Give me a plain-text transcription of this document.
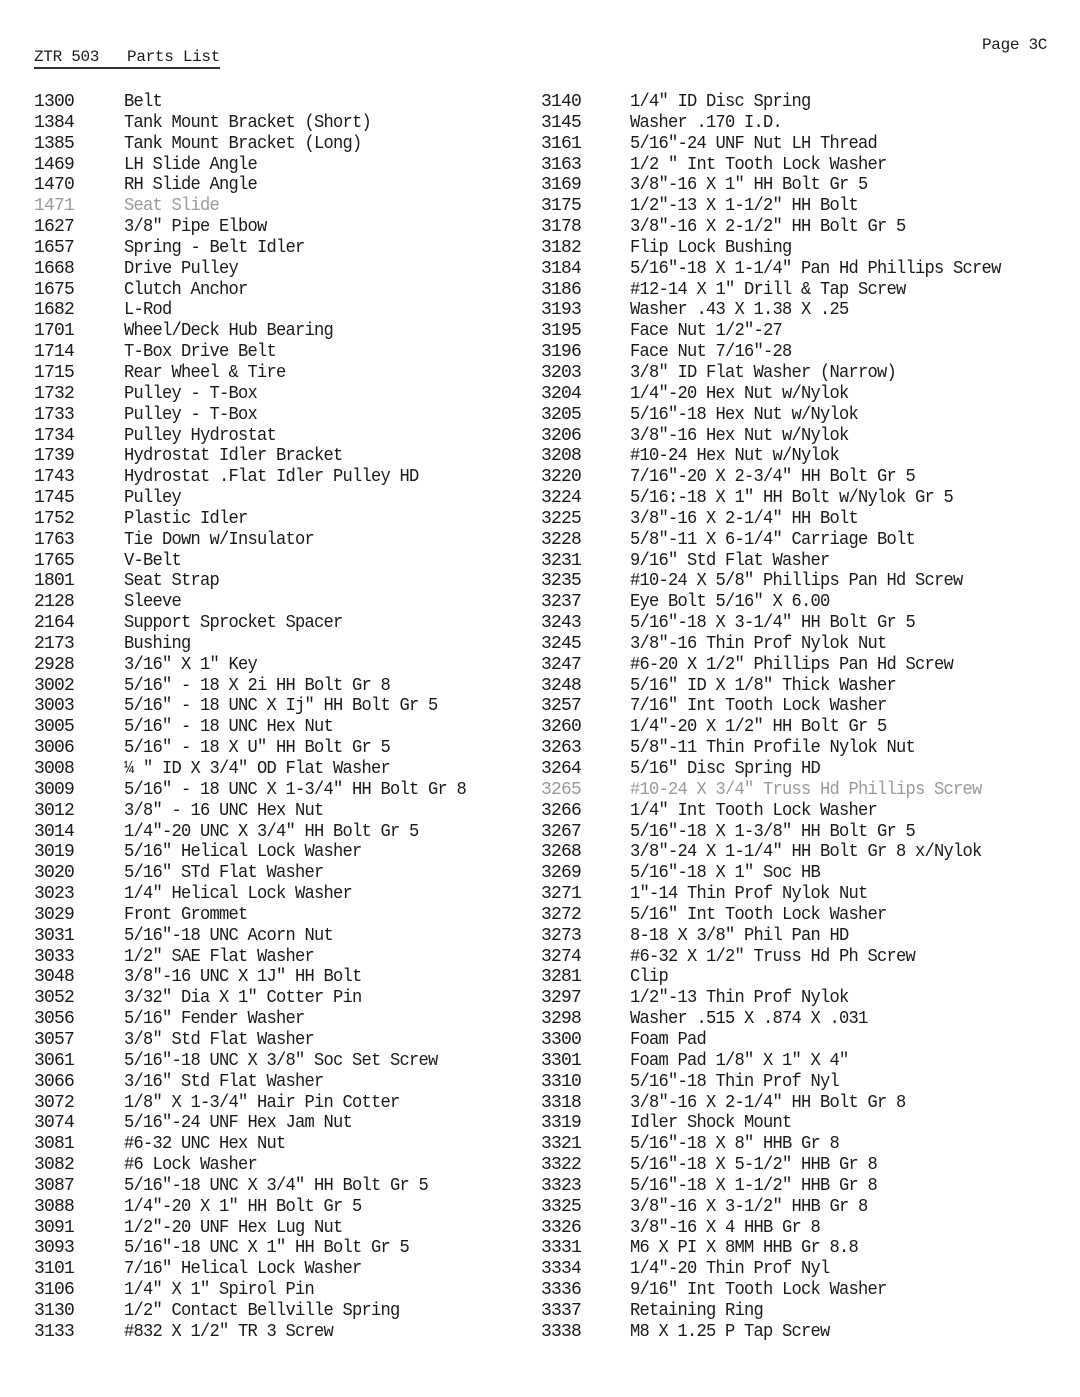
ZTR 503   Parts List
Page 3C
1300	Belt
1384	Tank Mount Bracket (Short)
1385	Tank Mount Bracket (Long)
1469	LH Slide Angle
1470	RH Slide Angle
1471	Seat Slide
1627	3/8" Pipe Elbow
1657	Spring - Belt Idler
1668	Drive Pulley
1675	Clutch Anchor
1682	L-Rod
1701	Wheel/Deck Hub Bearing
1714	T-Box Drive Belt
1715	Rear Wheel & Tire
1732	Pulley - T-Box
1733	Pulley - T-Box
1734	Pulley Hydrostat
1739	Hydrostat Idler Bracket
1743	Hydrostat .Flat Idler Pulley HD
1745	Pulley
1752	Plastic Idler
1763	Tie Down w/Insulator
1765	V-Belt
1801	Seat Strap
2128	Sleeve
2164	Support Sprocket Spacer
2173	Bushing
2928	3/16" X 1" Key
3002	5/16" - 18 X 2i HH Bolt Gr 8
3003	5/16" - 18 UNC X Ij" HH Bolt Gr 5
3005	5/16" - 18 UNC Hex Nut
3006	5/16" - 18 X U" HH Bolt Gr 5
3008	¼ " ID X 3/4" OD Flat Washer
3009	5/16" - 18 UNC X 1-3/4" HH Bolt Gr 8
3012	3/8" - 16 UNC Hex Nut
3014	1/4"-20 UNC X 3/4" HH Bolt Gr 5
3019	5/16" Helical Lock Washer
3020	5/16" STd Flat Washer
3023	1/4" Helical Lock Washer
3029	Front Grommet
3031	5/16"-18 UNC Acorn Nut
3033	1/2" SAE Flat Washer
3048	3/8"-16 UNC X 1J" HH Bolt
3052	3/32" Dia X 1" Cotter Pin
3056	5/16" Fender Washer
3057	3/8" Std Flat Washer
3061	5/16"-18 UNC X 3/8" Soc Set Screw
3066	3/16" Std Flat Washer
3072	1/8" X 1-3/4" Hair Pin Cotter
3074	5/16"-24 UNF Hex Jam Nut
3081	#6-32 UNC Hex Nut
3082	#6 Lock Washer
3087	5/16"-18 UNC X 3/4" HH Bolt Gr 5
3088	1/4"-20 X 1" HH Bolt Gr 5
3091	1/2"-20 UNF Hex Lug Nut
3093	5/16"-18 UNC X 1" HH Bolt Gr 5
3101	7/16" Helical Lock Washer
3106	1/4" X 1" Spirol Pin
3130	1/2" Contact Bellville Spring
3133	#832 X 1/2" TR 3 Screw
3140	1/4" ID Disc Spring
3145	Washer .170 I.D.
3161	5/16"-24 UNF Nut LH Thread
3163	1/2 " Int Tooth Lock Washer
3169	3/8"-16 X 1" HH Bolt Gr 5
3175	1/2"-13 X 1-1/2" HH Bolt
3178	3/8"-16 X 2-1/2" HH Bolt Gr 5
3182	Flip Lock Bushing
3184	5/16"-18 X 1-1/4" Pan Hd Phillips Screw
3186	#12-14 X 1" Drill & Tap Screw
3193	Washer .43 X 1.38 X .25
3195	Face Nut 1/2"-27
3196	Face Nut 7/16"-28
3203	3/8" ID Flat Washer (Narrow)
3204	1/4"-20 Hex Nut w/Nylok
3205	5/16"-18 Hex Nut w/Nylok
3206	3/8"-16 Hex Nut w/Nylok
3208	#10-24 Hex Nut w/Nylok
3220	7/16"-20 X 2-3/4" HH Bolt Gr 5
3224	5/16:-18 X 1" HH Bolt w/Nylok Gr 5
3225	3/8"-16 X 2-1/4" HH Bolt
3228	5/8"-11 X 6-1/4" Carriage Bolt
3231	9/16" Std Flat Washer
3235	#10-24 X 5/8" Phillips Pan Hd Screw
3237	Eye Bolt 5/16" X 6.00
3243	5/16"-18 X 3-1/4" HH Bolt Gr 5
3245	3/8"-16 Thin Prof Nylok Nut
3247	#6-20 X 1/2" Phillips Pan Hd Screw
3248	5/16" ID X 1/8" Thick Washer
3257	7/16" Int Tooth Lock Washer
3260	1/4"-20 X 1/2" HH Bolt Gr 5
3263	5/8"-11 Thin Profile Nylok Nut
3264	5/16" Disc Spring HD
3265	#10-24 X 3/4" Truss Hd Phillips Screw
3266	1/4" Int Tooth Lock Washer
3267	5/16"-18 X 1-3/8" HH Bolt Gr 5
3268	3/8"-24 X 1-1/4" HH Bolt Gr 8 x/Nylok
3269	5/16"-18 X 1" Soc HB
3271	1"-14 Thin Prof Nylok Nut
3272	5/16" Int Tooth Lock Washer
3273	8-18 X 3/8" Phil Pan HD
3274	#6-32 X 1/2" Truss Hd Ph Screw
3281	Clip
3297	1/2"-13 Thin Prof Nylok
3298	Washer .515 X .874 X .031
3300	Foam Pad
3301	Foam Pad 1/8" X 1" X 4"
3310	5/16"-18 Thin Prof Nyl
3318	3/8"-16 X 2-1/4" HH Bolt Gr 8
3319	Idler Shock Mount
3321	5/16"-18 X 8" HHB Gr 8
3322	5/16"-18 X 5-1/2" HHB Gr 8
3323	5/16"-18 X 1-1/2" HHB Gr 8
3325	3/8"-16 X 3-1/2" HHB Gr 8
3326	3/8"-16 X 4 HHB Gr 8
3331	M6 X PI X 8MM HHB Gr 8.8
3334	1/4"-20 Thin Prof Nyl
3336	9/16" Int Tooth Lock Washer
3337	Retaining Ring
3338	M8 X 1.25 P Tap Screw
